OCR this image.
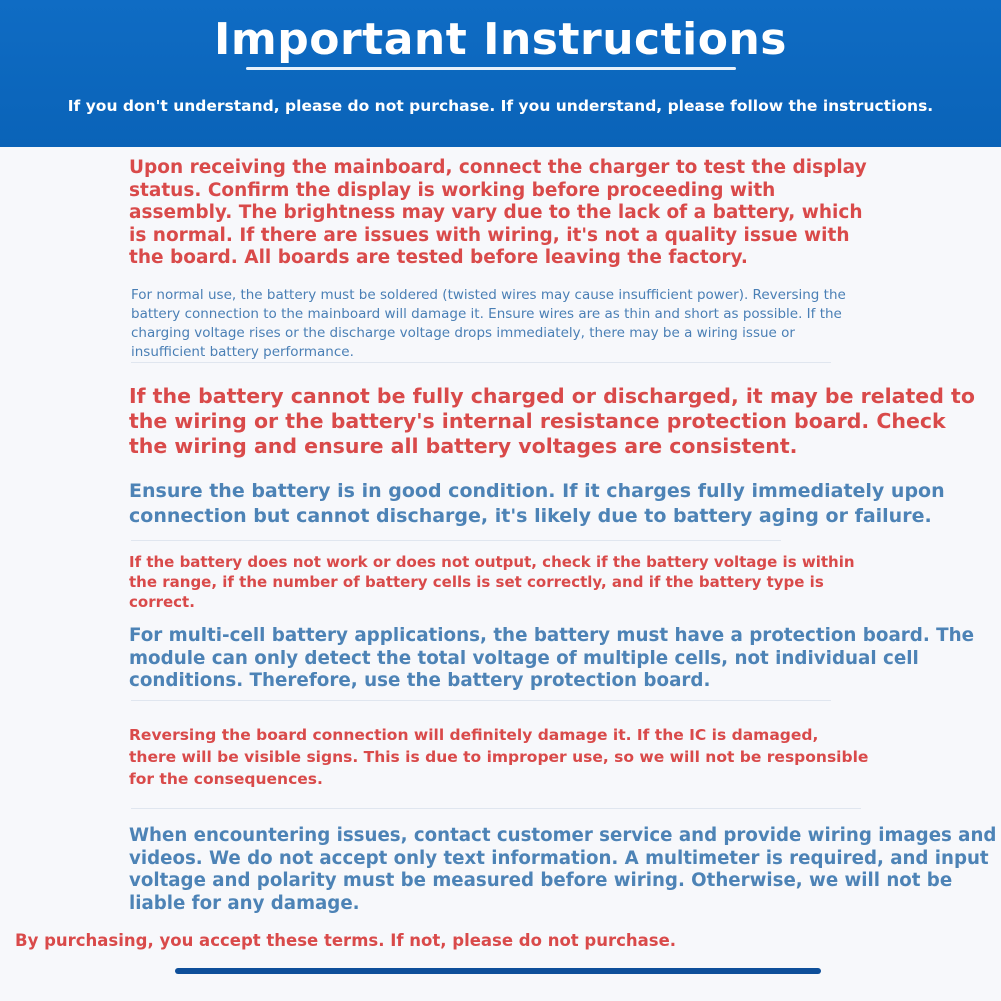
Important Instructions
If you don't understand, please do not purchase. If you understand, please follow the instructions.

Upon receiving the mainboard, connect the charger to test the display status. Confirm the display is working before proceeding with assembly. The brightness may vary due to the lack of a battery, which is normal. If there are issues with wiring, it's not a quality issue with the board. All boards are tested before leaving the factory.

For normal use, the battery must be soldered (twisted wires may cause insufficient power). Reversing the battery connection to the mainboard will damage it. Ensure wires are as thin and short as possible. If the charging voltage rises or the discharge voltage drops immediately, there may be a wiring issue or insufficient battery performance.

If the battery cannot be fully charged or discharged, it may be related to the wiring or the battery's internal resistance protection board. Check the wiring and ensure all battery voltages are consistent.

Ensure the battery is in good condition. If it charges fully immediately upon connection but cannot discharge, it's likely due to battery aging or failure.

If the battery does not work or does not output, check if the battery voltage is within the range, if the number of battery cells is set correctly, and if the battery type is correct.

For multi-cell battery applications, the battery must have a protection board. The module can only detect the total voltage of multiple cells, not individual cell conditions. Therefore, use the battery protection board.

Reversing the board connection will definitely damage it. If the IC is damaged, there will be visible signs. This is due to improper use, so we will not be responsible for the consequences.

When encountering issues, contact customer service and provide wiring images and videos. We do not accept only text information. A multimeter is required, and input voltage and polarity must be measured before wiring. Otherwise, we will not be liable for any damage.

By purchasing, you accept these terms. If not, please do not purchase.
